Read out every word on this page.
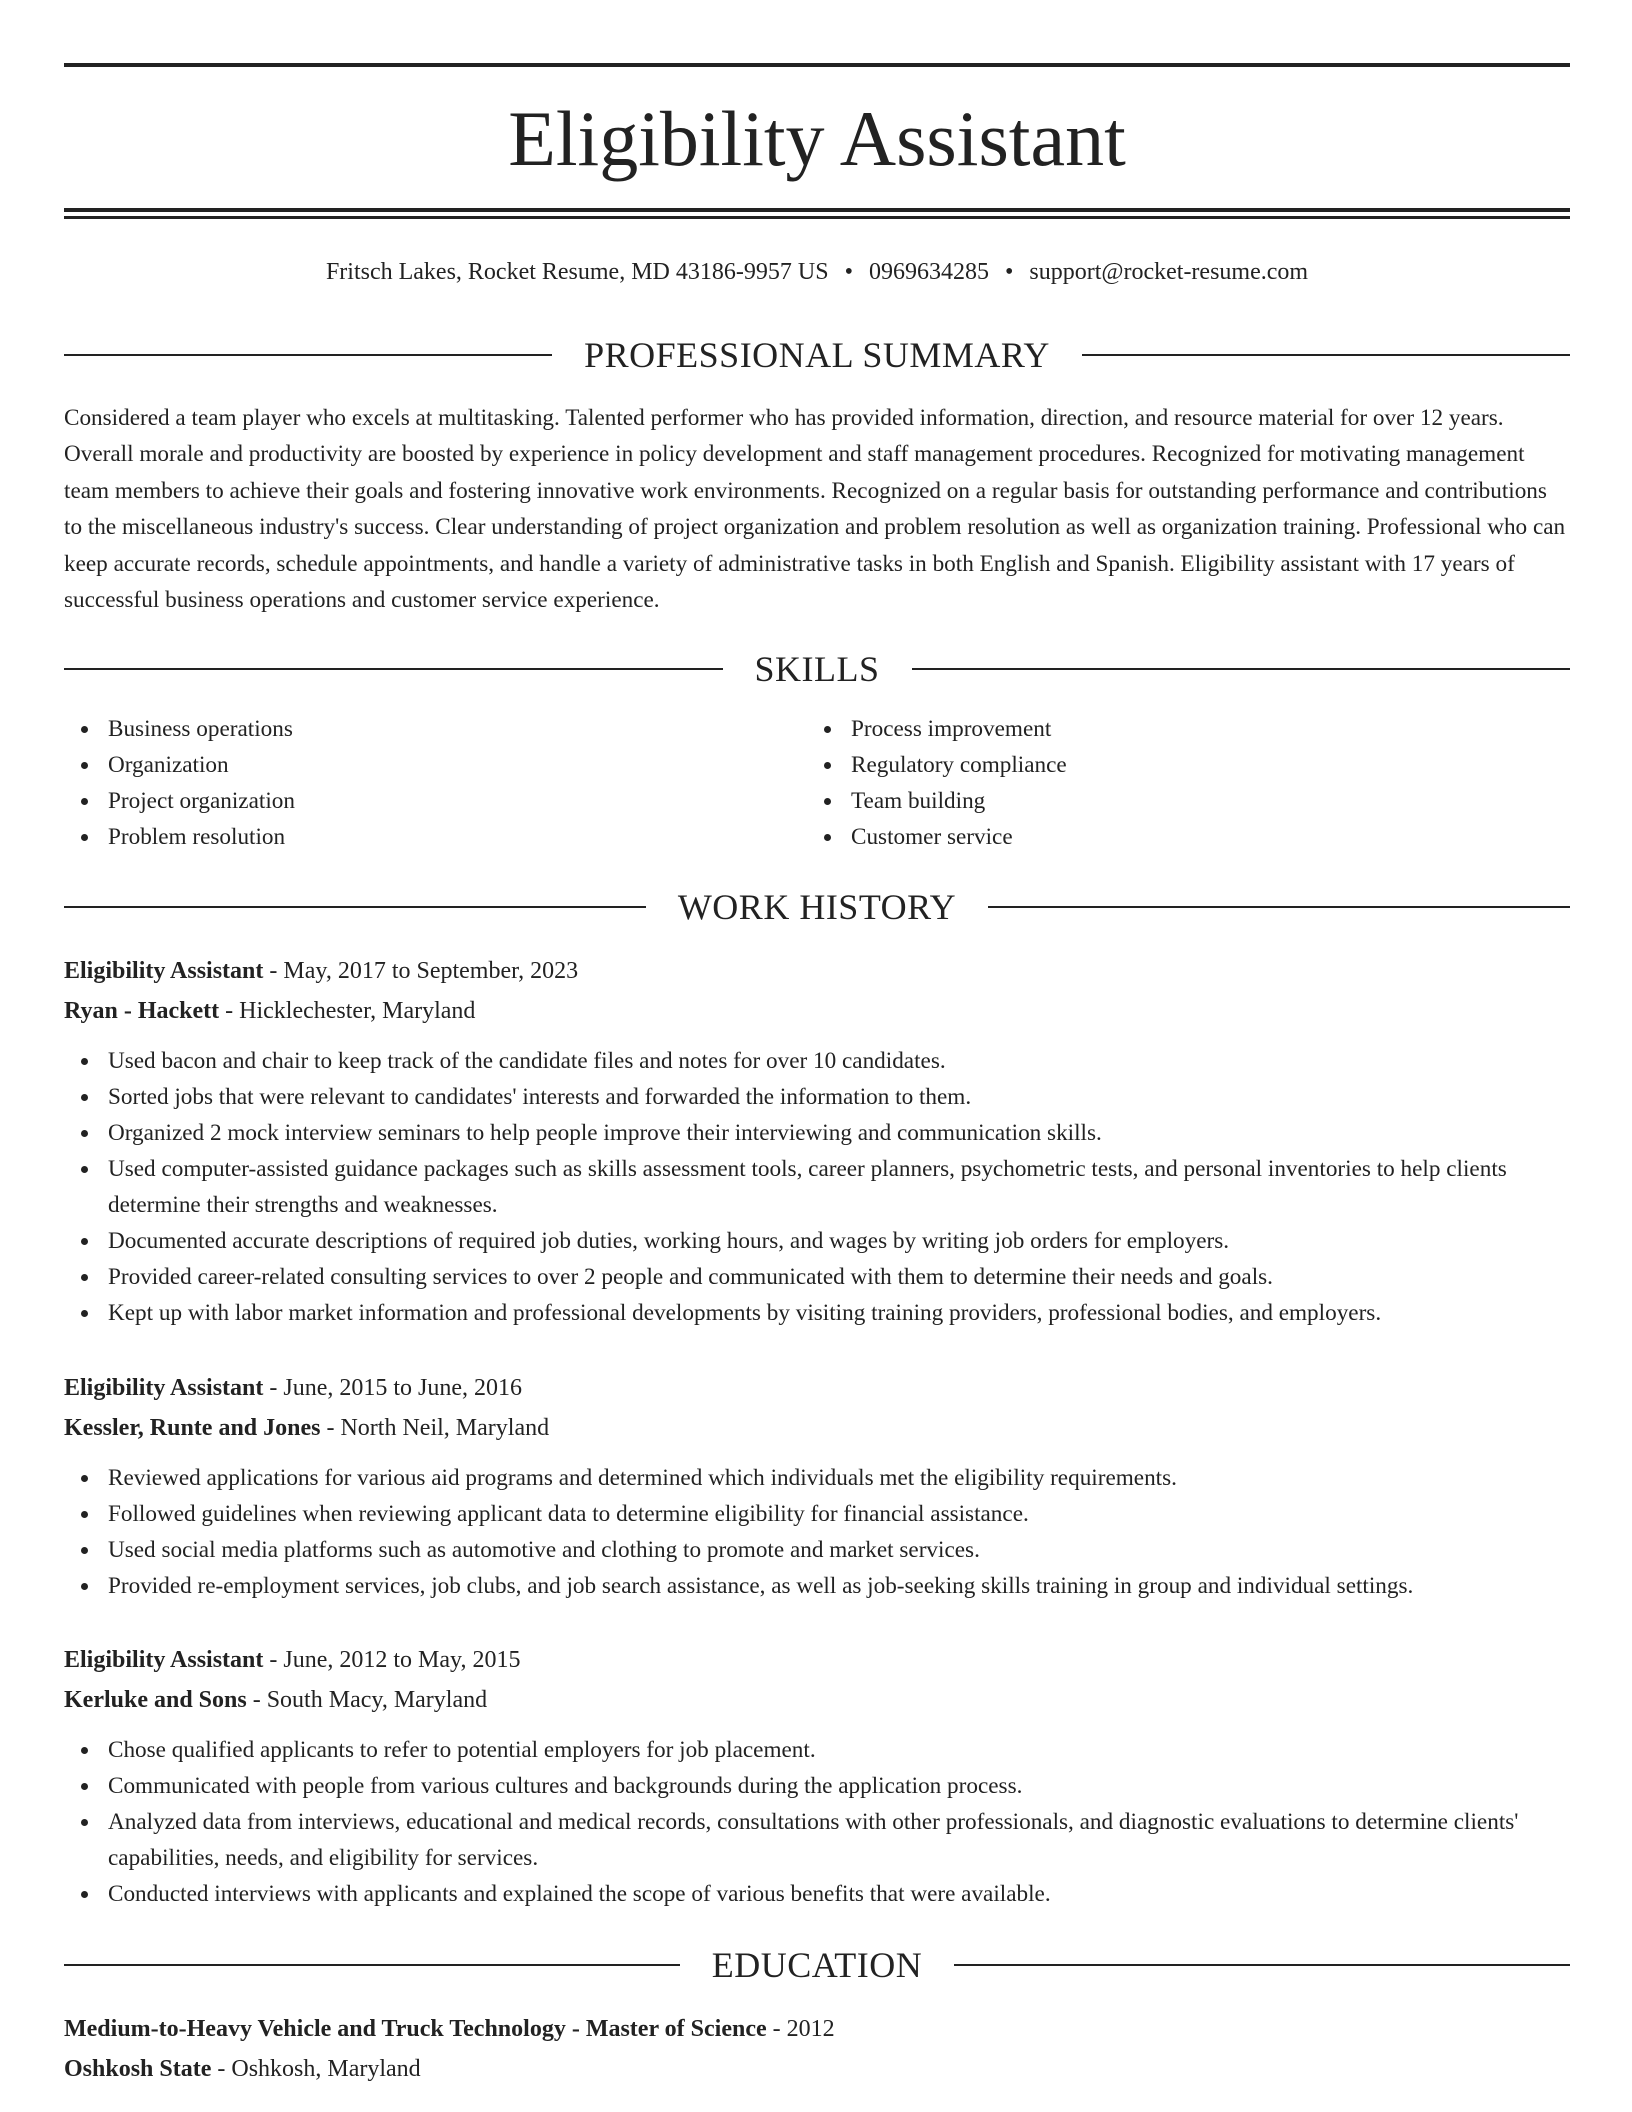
Eligibility Assistant
Fritsch Lakes, Rocket Resume, MD 43186-9957 US • 0969634285 • support@rocket-resume.com
PROFESSIONAL SUMMARY

Considered a team player who excels at multitasking. Talented performer who has provided information, direction, and resource material for over 12 years. Overall morale and productivity are boosted by experience in policy development and staff management procedures. Recognized for motivating management team members to achieve their goals and fostering innovative work environments. Recognized on a regular basis for outstanding performance and contributions to the miscellaneous industry's success. Clear understanding of project organization and problem resolution as well as organization training. Professional who can keep accurate records, schedule appointments, and handle a variety of administrative tasks in both English and Spanish. Eligibility assistant with 17 years of successful business operations and customer service experience.

SKILLS
Business operations
Organization
Project organization
Problem resolution
Process improvement
Regulatory compliance
Team building
Customer service
WORK HISTORY
Eligibility Assistant - May, 2017 to September, 2023
Ryan - Hackett - Hicklechester, Maryland
Used bacon and chair to keep track of the candidate files and notes for over 10 candidates.
Sorted jobs that were relevant to candidates' interests and forwarded the information to them.
Organized 2 mock interview seminars to help people improve their interviewing and communication skills.
Used computer-assisted guidance packages such as skills assessment tools, career planners, psychometric tests, and personal inventories to help clients determine their strengths and weaknesses.
Documented accurate descriptions of required job duties, working hours, and wages by writing job orders for employers.
Provided career-related consulting services to over 2 people and communicated with them to determine their needs and goals.
Kept up with labor market information and professional developments by visiting training providers, professional bodies, and employers.
Eligibility Assistant - June, 2015 to June, 2016
Kessler, Runte and Jones - North Neil, Maryland
Reviewed applications for various aid programs and determined which individuals met the eligibility requirements.
Followed guidelines when reviewing applicant data to determine eligibility for financial assistance.
Used social media platforms such as automotive and clothing to promote and market services.
Provided re-employment services, job clubs, and job search assistance, as well as job-seeking skills training in group and individual settings.
Eligibility Assistant - June, 2012 to May, 2015
Kerluke and Sons - South Macy, Maryland
Chose qualified applicants to refer to potential employers for job placement.
Communicated with people from various cultures and backgrounds during the application process.
Analyzed data from interviews, educational and medical records, consultations with other professionals, and diagnostic evaluations to determine clients' capabilities, needs, and eligibility for services.
Conducted interviews with applicants and explained the scope of various benefits that were available.
EDUCATION
Medium-to-Heavy Vehicle and Truck Technology - Master of Science - 2012
Oshkosh State - Oshkosh, Maryland
